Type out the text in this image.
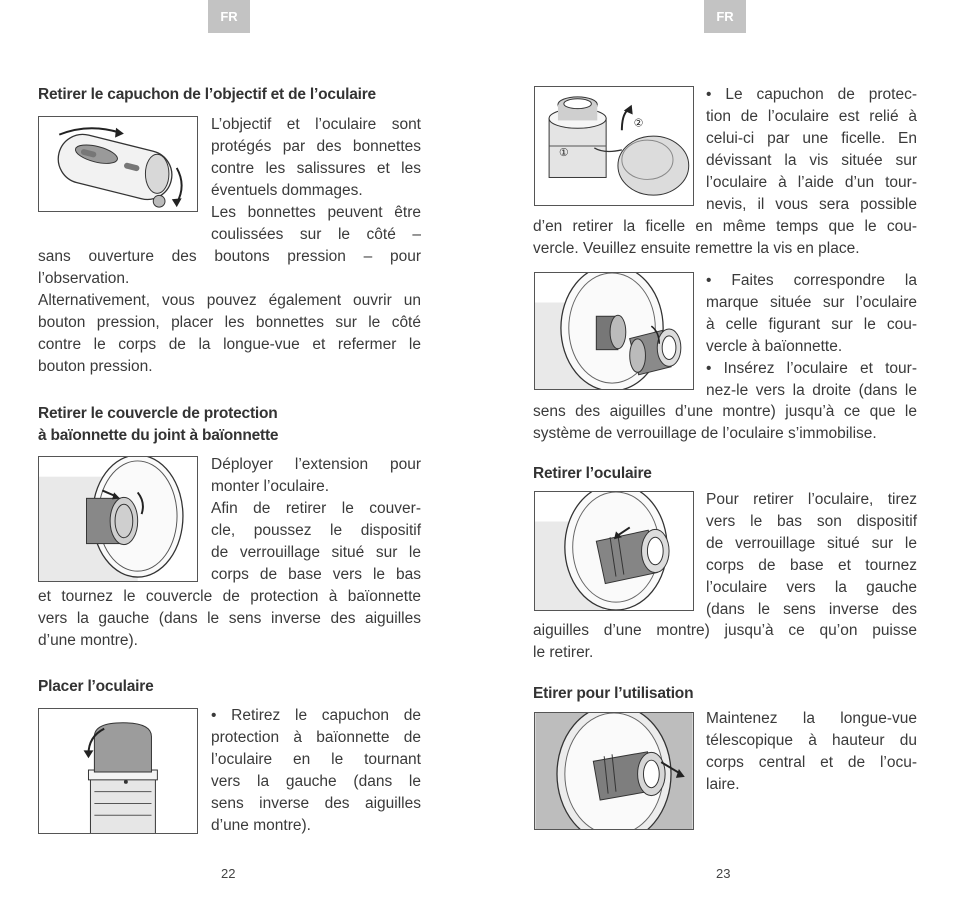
FR	FR
Retirer le capuchon de l’objectif et de l’oculaire
L’objectif et l’oculaire sont
protégés par des bonnettes
contre les salissures et les
éventuels dommages.
Les bonnettes peuvent être
coulissées sur le côté –
sans ouverture des boutons pression – pour
l’observation.
Alternativement, vous pouvez également ouvrir un
bouton pression, placer les bonnettes sur le côté
contre le corps de la longue-vue et refermer le
bouton pression.
Retirer le couvercle de protection
à baïonnette du joint à baïonnette
Déployer l’extension pour
monter l’oculaire.
Afin de retirer le couver-
cle, poussez le dispositif
de verrouillage situé sur le
corps de base vers le bas
et tournez le couvercle de protection à baïonnette
vers la gauche (dans le sens inverse des aiguilles
d’une montre).
Placer l’oculaire
• Retirez le capuchon de
protection à baïonnette de
l’oculaire en le tournant
vers la gauche (dans le
sens inverse des aiguilles
d’une montre).
22
②
①
• Le capuchon de protec-
tion de l’oculaire est relié à
celui-ci par une ficelle. En
dévissant la vis située sur
l’oculaire à l’aide d’un tour-
nevis, il vous sera possible
d’en retirer la ficelle en même temps que le cou-
vercle. Veuillez ensuite remettre la vis en place.
• Faites correspondre la
marque située sur l’oculaire
à celle figurant sur le cou-
vercle à baïonnette.
• Insérez l’oculaire et tour-
nez-le vers la droite (dans le
sens des aiguilles d’une montre) jusqu’à ce que le
système de verrouillage de l’oculaire s’immobilise.
Retirer l’oculaire
Pour retirer l’oculaire, tirez
vers le bas son dispositif
de verrouillage situé sur le
corps de base et tournez
l’oculaire vers la gauche
(dans le sens inverse des
aiguilles d’une montre) jusqu’à ce qu’on puisse
le retirer.
Etirer pour l’utilisation
Maintenez la longue-vue
télescopique à hauteur du
corps central et de l’ocu-
laire.
23
